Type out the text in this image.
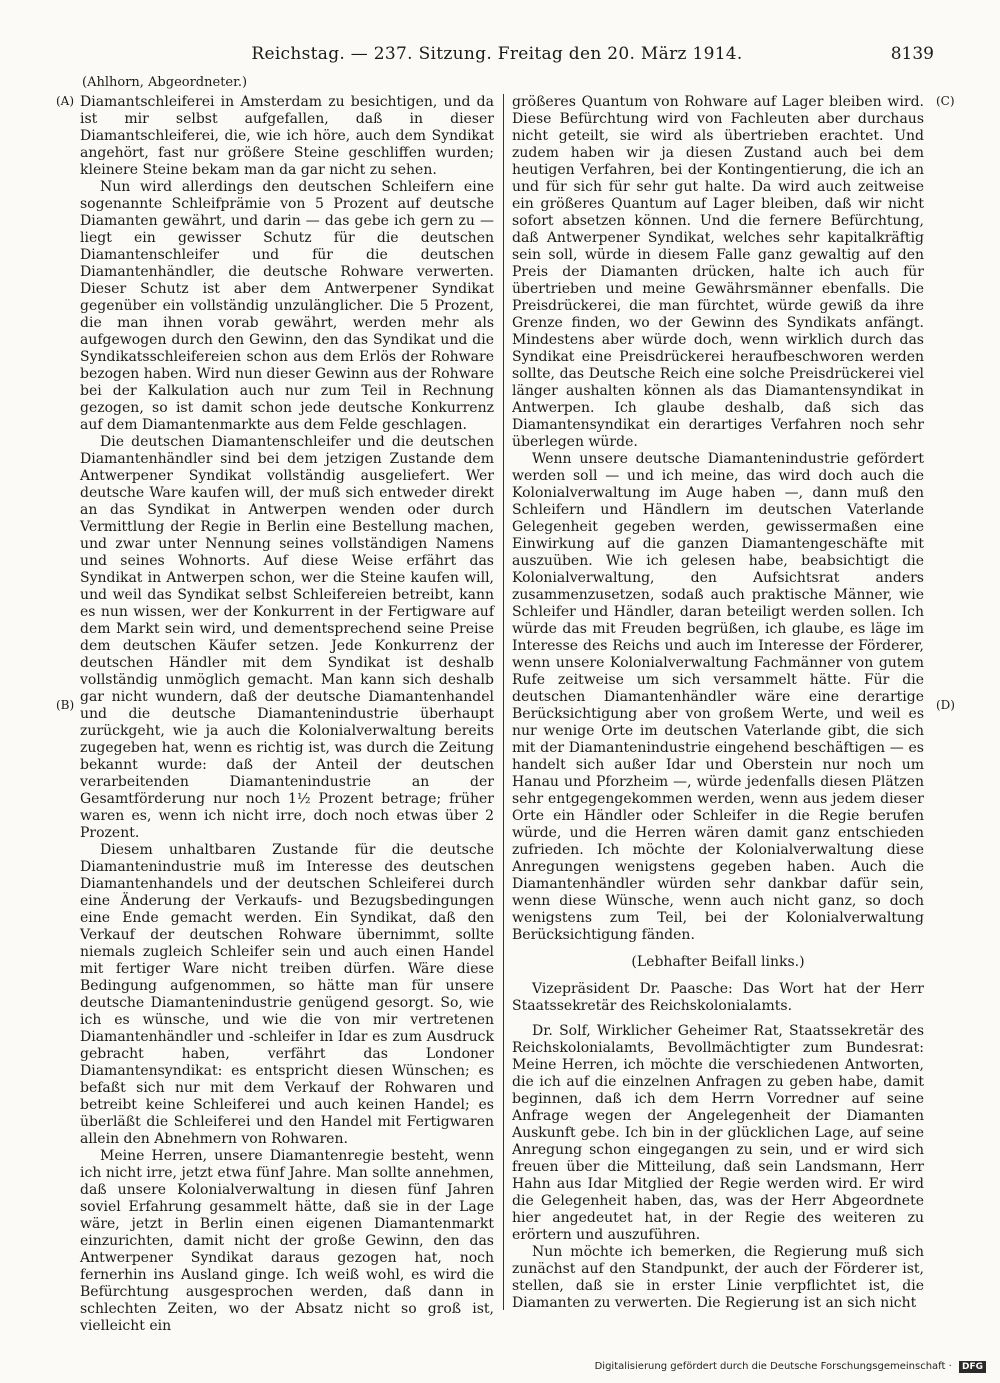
Reichstag. — 237. Sitzung. Freitag den 20. März 1914.	8139
(Ahlhorn, Abgeordneter.)
(A)
(B)
(C)
(D)

Diamantschleiferei in Amsterdam zu besichtigen, und da ist mir selbst aufgefallen, daß in dieser Diamantschleiferei, die, wie ich höre, auch dem Syndikat angehört, fast nur größere Steine geschliffen wurden; kleinere Steine bekam man da gar nicht zu sehen.

Nun wird allerdings den deutschen Schleifern eine sogenannte Schleifprämie von 5 Prozent auf deutsche Diamanten gewährt, und darin — das gebe ich gern zu — liegt ein gewisser Schutz für die deutschen Diamantenschleifer und für die deutschen Diamantenhändler, die deutsche Rohware verwerten. Dieser Schutz ist aber dem Antwerpener Syndikat gegenüber ein vollständig unzulänglicher. Die 5 Prozent, die man ihnen vorab gewährt, werden mehr als aufgewogen durch den Gewinn, den das Syndikat und die Syndikatsschleifereien schon aus dem Erlös der Rohware bezogen haben. Wird nun dieser Gewinn aus der Rohware bei der Kalkulation auch nur zum Teil in Rechnung gezogen, so ist damit schon jede deutsche Konkurrenz auf dem Diamantenmarkte aus dem Felde geschlagen.

Die deutschen Diamantenschleifer und die deutschen Diamantenhändler sind bei dem jetzigen Zustande dem Antwerpener Syndikat vollständig ausgeliefert. Wer deutsche Ware kaufen will, der muß sich entweder direkt an das Syndikat in Antwerpen wenden oder durch Vermittlung der Regie in Berlin eine Bestellung machen, und zwar unter Nennung seines vollständigen Namens und seines Wohnorts. Auf diese Weise erfährt das Syndikat in Antwerpen schon, wer die Steine kaufen will, und weil das Syndikat selbst Schleifereien betreibt, kann es nun wissen, wer der Konkurrent in der Fertigware auf dem Markt sein wird, und dementsprechend seine Preise dem deutschen Käufer setzen. Jede Konkurrenz der deutschen Händler mit dem Syndikat ist deshalb vollständig unmöglich gemacht. Man kann sich deshalb gar nicht wundern, daß der deutsche Diamantenhandel und die deutsche Diamantenindustrie überhaupt zurückgeht, wie ja auch die Kolonialverwaltung bereits zugegeben hat, wenn es richtig ist, was durch die Zeitung bekannt wurde: daß der Anteil der deutschen verarbeitenden Diamantenindustrie an der Gesamtförderung nur noch 1½ Prozent betrage; früher waren es, wenn ich nicht irre, doch noch etwas über 2 Prozent.

Diesem unhaltbaren Zustande für die deutsche Diamantenindustrie muß im Interesse des deutschen Diamantenhandels und der deutschen Schleiferei durch eine Änderung der Verkaufs- und Bezugsbedingungen eine Ende gemacht werden. Ein Syndikat, daß den Verkauf der deutschen Rohware übernimmt, sollte niemals zugleich Schleifer sein und auch einen Handel mit fertiger Ware nicht treiben dürfen. Wäre diese Bedingung aufgenommen, so hätte man für unsere deutsche Diamantenindustrie genügend gesorgt. So, wie ich es wünsche, und wie die von mir vertretenen Diamantenhändler und -schleifer in Idar es zum Ausdruck gebracht haben, verfährt das Londoner Diamantensyndikat: es entspricht diesen Wünschen; es befaßt sich nur mit dem Verkauf der Rohwaren und betreibt keine Schleiferei und auch keinen Handel; es überläßt die Schleiferei und den Handel mit Fertigwaren allein den Abnehmern von Rohwaren.

Meine Herren, unsere Diamantenregie besteht, wenn ich nicht irre, jetzt etwa fünf Jahre. Man sollte annehmen, daß unsere Kolonialverwaltung in diesen fünf Jahren soviel Erfahrung gesammelt hätte, daß sie in der Lage wäre, jetzt in Berlin einen eigenen Diamantenmarkt einzurichten, damit nicht der große Gewinn, den das Antwerpener Syndikat daraus gezogen hat, noch fernerhin ins Ausland ginge. Ich weiß wohl, es wird die Befürchtung ausgesprochen werden, daß dann in schlechten Zeiten, wo der Absatz nicht so groß ist, vielleicht ein

größeres Quantum von Rohware auf Lager bleiben wird. Diese Befürchtung wird von Fachleuten aber durchaus nicht geteilt, sie wird als übertrieben erachtet. Und zudem haben wir ja diesen Zustand auch bei dem heutigen Verfahren, bei der Kontingentierung, die ich an und für sich für sehr gut halte. Da wird auch zeitweise ein größeres Quantum auf Lager bleiben, daß wir nicht sofort absetzen können. Und die fernere Befürchtung, daß Antwerpener Syndikat, welches sehr kapitalkräftig sein soll, würde in diesem Falle ganz gewaltig auf den Preis der Diamanten drücken, halte ich auch für übertrieben und meine Gewährsmänner ebenfalls. Die Preisdrückerei, die man fürchtet, würde gewiß da ihre Grenze finden, wo der Gewinn des Syndikats anfängt. Mindestens aber würde doch, wenn wirklich durch das Syndikat eine Preisdrückerei heraufbeschworen werden sollte, das Deutsche Reich eine solche Preisdrückerei viel länger aushalten können als das Diamantensyndikat in Antwerpen. Ich glaube deshalb, daß sich das Diamantensyndikat ein derartiges Verfahren noch sehr überlegen würde.

Wenn unsere deutsche Diamantenindustrie gefördert werden soll — und ich meine, das wird doch auch die Kolonialverwaltung im Auge haben —, dann muß den Schleifern und Händlern im deutschen Vaterlande Gelegenheit gegeben werden, gewissermaßen eine Einwirkung auf die ganzen Diamantengeschäfte mit auszuüben. Wie ich gelesen habe, beabsichtigt die Kolonialverwaltung, den Aufsichtsrat anders zusammenzusetzen, sodaß auch praktische Männer, wie Schleifer und Händler, daran beteiligt werden sollen. Ich würde das mit Freuden begrüßen, ich glaube, es läge im Interesse des Reichs und auch im Interesse der Förderer, wenn unsere Kolonialverwaltung Fachmänner von gutem Rufe zeitweise um sich versammelt hätte. Für die deutschen Diamantenhändler wäre eine derartige Berücksichtigung aber von großem Werte, und weil es nur wenige Orte im deutschen Vaterlande gibt, die sich mit der Diamantenindustrie eingehend beschäftigen — es handelt sich außer Idar und Oberstein nur noch um Hanau und Pforzheim —, würde jedenfalls diesen Plätzen sehr entgegengekommen werden, wenn aus jedem dieser Orte ein Händler oder Schleifer in die Regie berufen würde, und die Herren wären damit ganz entschieden zufrieden. Ich möchte der Kolonialverwaltung diese Anregungen wenigstens gegeben haben. Auch die Diamantenhändler würden sehr dankbar dafür sein, wenn diese Wünsche, wenn auch nicht ganz, so doch wenigstens zum Teil, bei der Kolonialverwaltung Berücksichtigung fänden.

(Lebhafter Beifall links.)

Vizepräsident Dr. Paasche: Das Wort hat der Herr Staatssekretär des Reichskolonialamts.

Dr. Solf, Wirklicher Geheimer Rat, Staatssekretär des Reichskolonialamts, Bevollmächtigter zum Bundesrat: Meine Herren, ich möchte die verschiedenen Antworten, die ich auf die einzelnen Anfragen zu geben habe, damit beginnen, daß ich dem Herrn Vorredner auf seine Anfrage wegen der Angelegenheit der Diamanten Auskunft gebe. Ich bin in der glücklichen Lage, auf seine Anregung schon eingegangen zu sein, und er wird sich freuen über die Mitteilung, daß sein Landsmann, Herr Hahn aus Idar Mitglied der Regie werden wird. Er wird die Gelegenheit haben, das, was der Herr Abgeordnete hier angedeutet hat, in der Regie des weiteren zu erörtern und auszuführen.

Nun möchte ich bemerken, die Regierung muß sich zunächst auf den Standpunkt, der auch der Förderer ist, stellen, daß sie in erster Linie verpflichtet ist, die Diamanten zu verwerten. Die Regierung ist an sich nicht

Digitalisierung gefördert durch die Deutsche Forschungsgemeinschaft · DFG
